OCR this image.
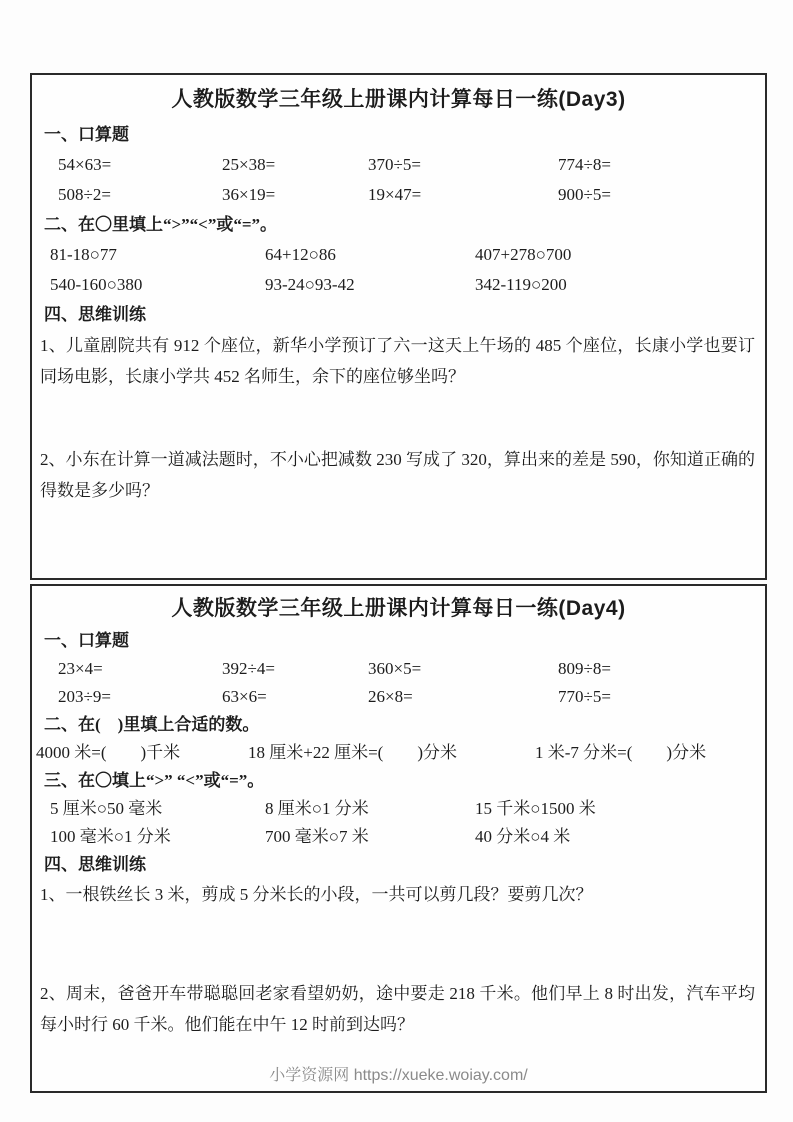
人教版数学三年级上册课内计算每日一练(Day3)
一、口算题
54×63=	25×38=	370÷5=	774÷8=
508÷2=	36×19=	19×47=	900÷5=
二、在〇里填上“>”“<”或“=”。
81-18○77	64+12○86	407+278○700
540-160○380	93-24○93-42	342-119○200
四、思维训练
1、儿童剧院共有 912 个座位，新华小学预订了六一这天上午场的 485 个座位，长康小学也要订同场电影，长康小学共 452 名师生，余下的座位够坐吗？
2、小东在计算一道减法题时，不小心把减数 230 写成了 320，算出来的差是 590，你知道正确的得数是多少吗？
人教版数学三年级上册课内计算每日一练(Day4)
一、口算题
23×4=	392÷4=	360×5=	809÷8=
203÷9=	63×6=	26×8=	770÷5=
二、在(　)里填上合适的数。
4000 米=(　　)千米	18 厘米+22 厘米=(　　)分米	1 米-7 分米=(　　)分米
三、在〇填上“>” “<”或“=”。
5 厘米○50 毫米	8 厘米○1 分米	15 千米○1500 米
100 毫米○1 分米	700 毫米○7 米	40 分米○4 米
四、思维训练
1、一根铁丝长 3 米，剪成 5 分米长的小段，一共可以剪几段？要剪几次？
2、周末，爸爸开车带聪聪回老家看望奶奶，途中要走 218 千米。他们早上 8 时出发，汽车平均每小时行 60 千米。他们能在中午 12 时前到达吗？
小学资源网 https://xueke.woiay.com/
